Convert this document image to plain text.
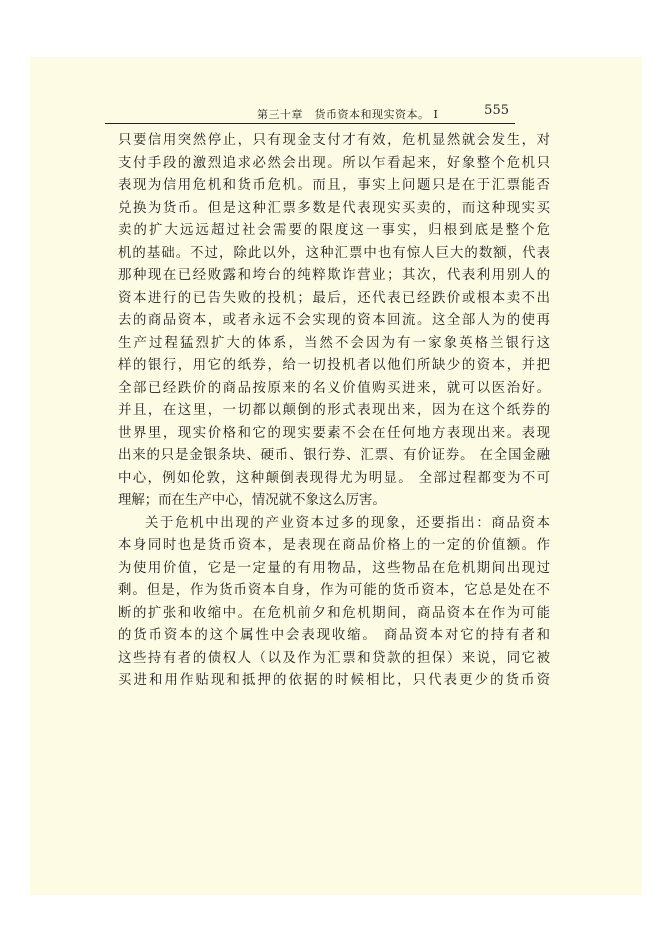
第三十章　货币资本和现实资本。 I	555
只要信用突然停止，只有现金支付才有效，危机显然就会发生，对
支付手段的激烈追求必然会出现。所以乍看起来，好象整个危机只
表现为信用危机和货币危机。而且，事实上问题只是在于汇票能否
兑换为货币。但是这种汇票多数是代表现实买卖的，而这种现实买
卖的扩大远远超过社会需要的限度这一事实，归根到底是整个危
机的基础。不过，除此以外，这种汇票中也有惊人巨大的数额，代表
那种现在已经败露和垮台的纯粹欺诈营业；其次，代表利用别人的
资本进行的已告失败的投机；最后，还代表已经跌价或根本卖不出
去的商品资本，或者永远不会实现的资本回流。这全部人为的使再
生产过程猛烈扩大的体系，当然不会因为有一家象英格兰银行这
样的银行，用它的纸券，给一切投机者以他们所缺少的资本，并把
全部已经跌价的商品按原来的名义价值购买进来，就可以医治好。
并且，在这里，一切都以颠倒的形式表现出来，因为在这个纸券的
世界里，现实价格和它的现实要素不会在任何地方表现出来。表现
出来的只是金银条块、硬币、银行券、汇票、有价证券。 在全国金融
中心，例如伦敦，这种颠倒表现得尤为明显。 全部过程都变为不可
理解；而在生产中心，情况就不象这么厉害。
关于危机中出现的产业资本过多的现象，还要指出：商品资本
本身同时也是货币资本，是表现在商品价格上的一定的价值额。作
为使用价值，它是一定量的有用物品，这些物品在危机期间出现过
剩。但是，作为货币资本自身，作为可能的货币资本，它总是处在不
断的扩张和收缩中。在危机前夕和危机期间，商品资本在作为可能
的货币资本的这个属性中会表现收缩。 商品资本对它的持有者和
这些持有者的债权人（以及作为汇票和贷款的担保）来说，同它被
买进和用作贴现和抵押的依据的时候相比，只代表更少的货币资
